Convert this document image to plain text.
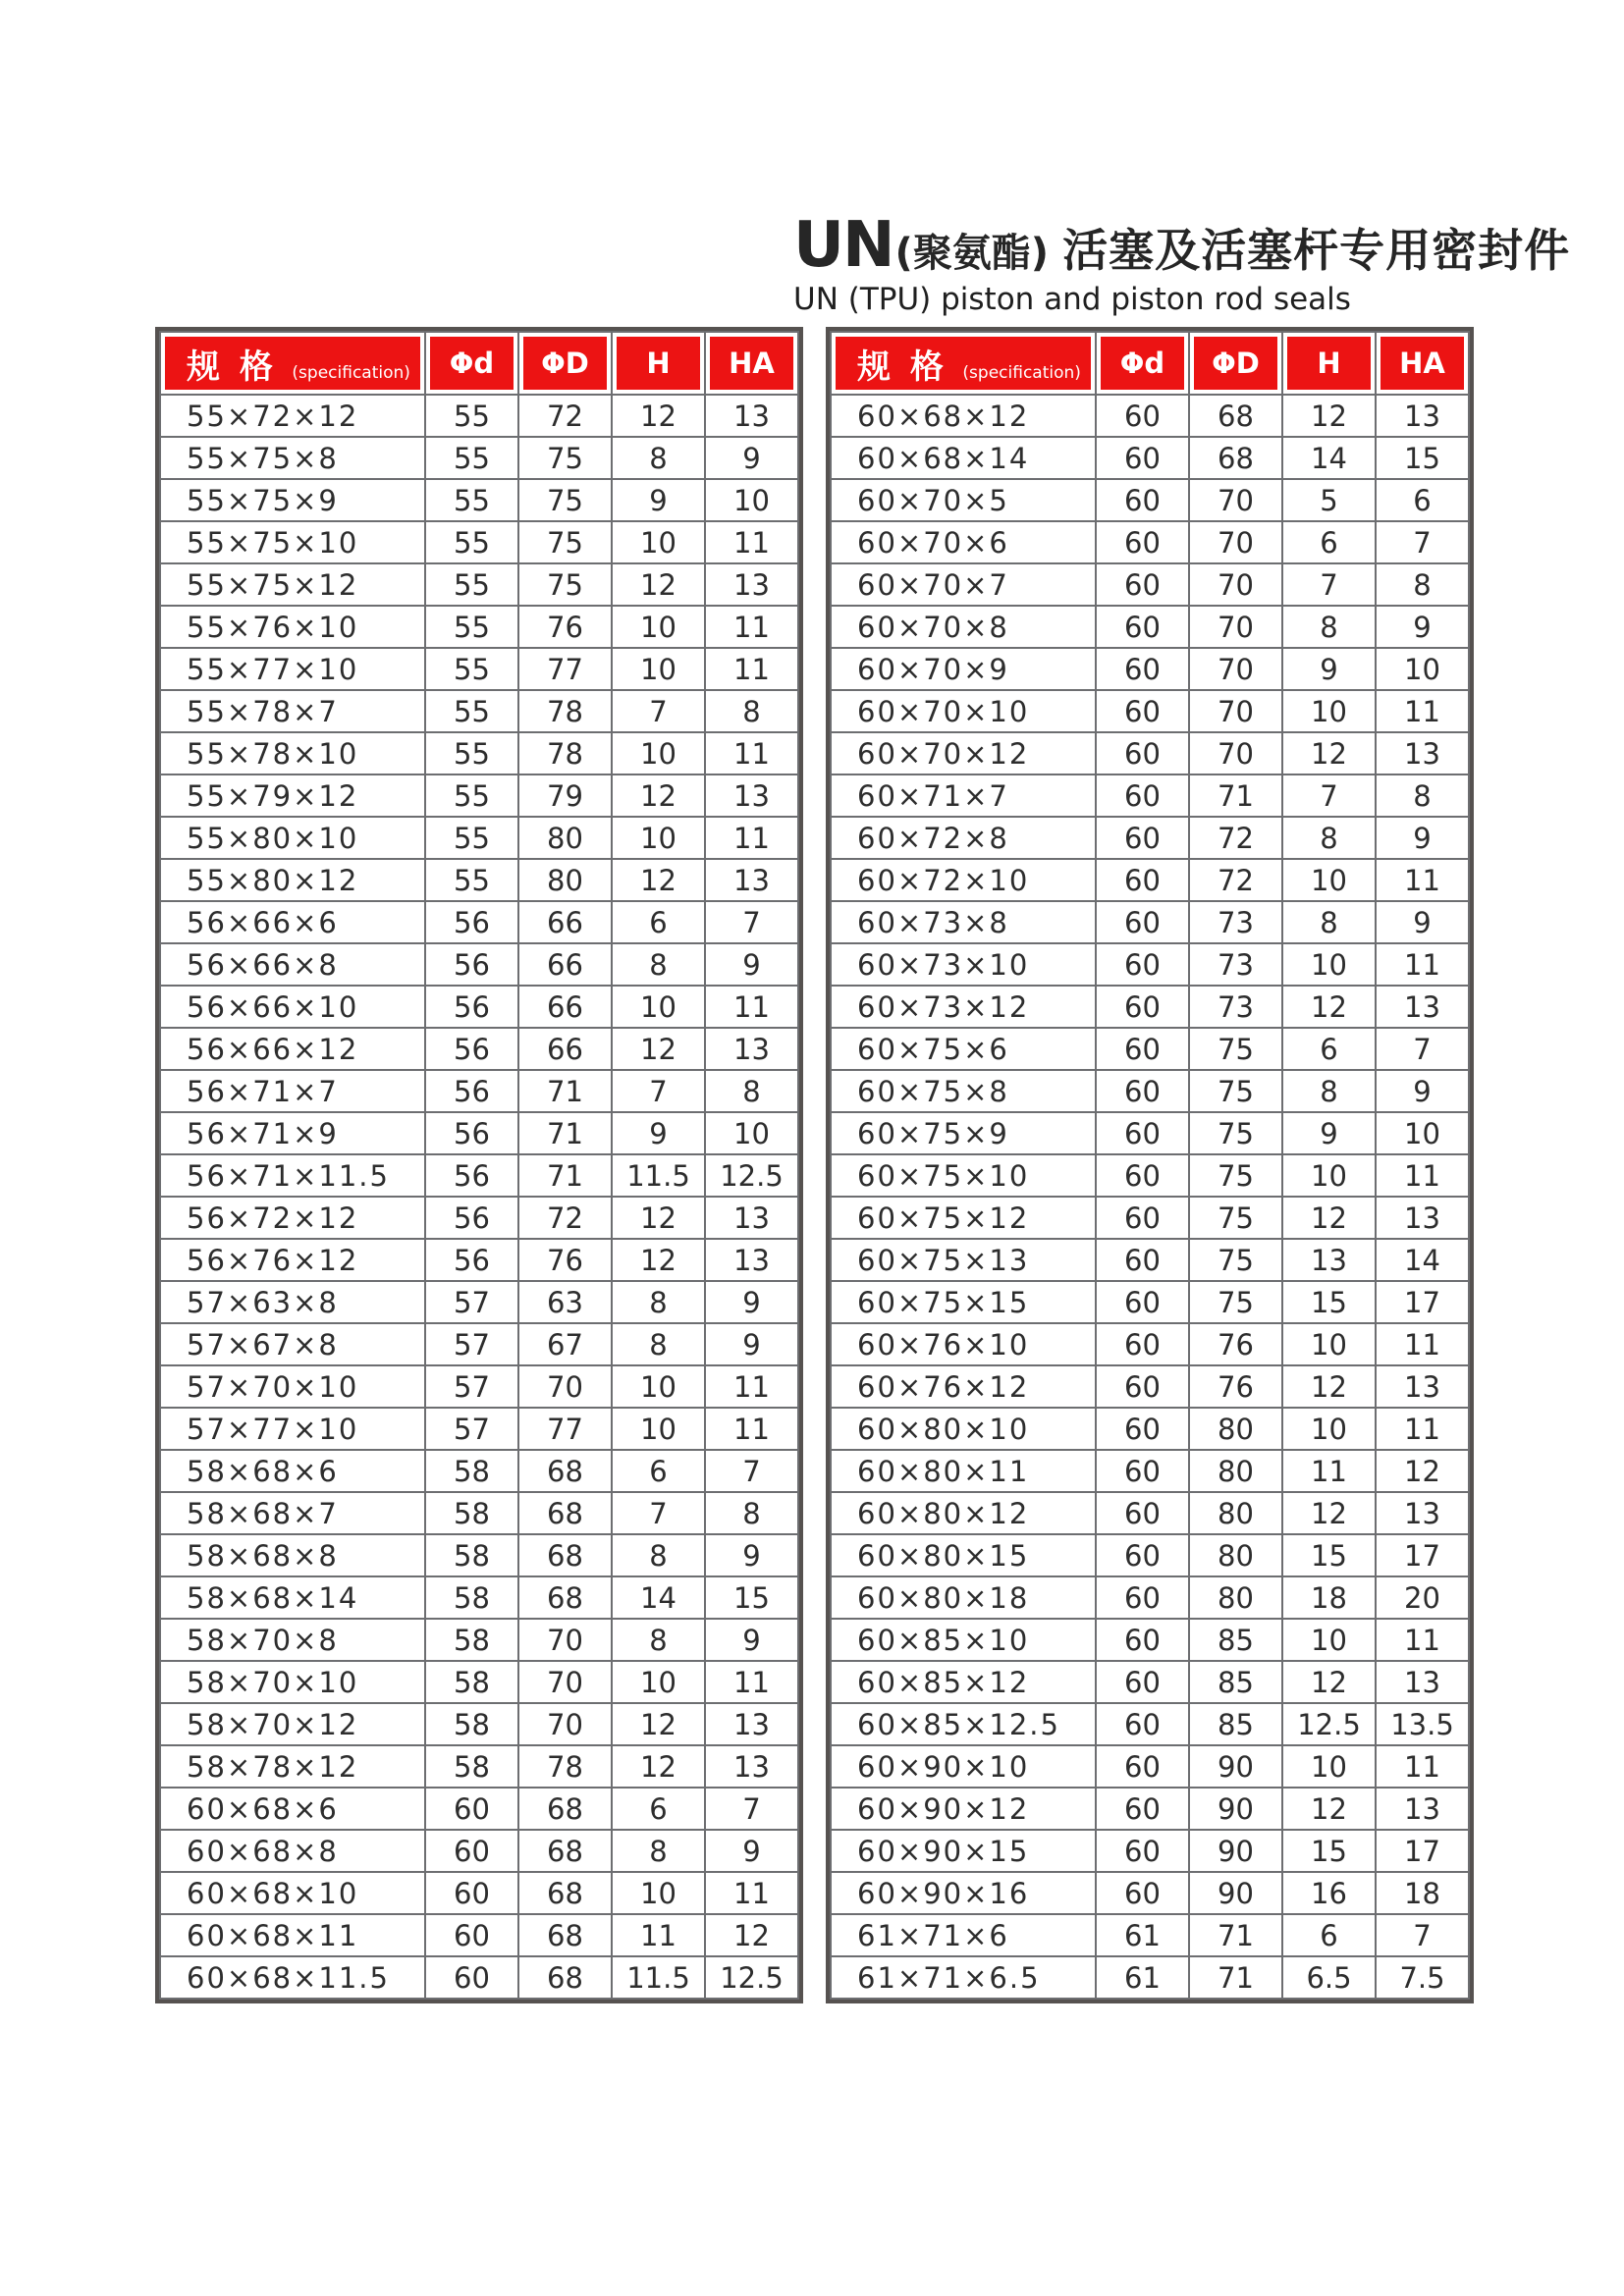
UN (聚氨酯) 活塞及活塞杆专用密封件
UN (TPU) piston and piston rod seals
规 格 (specification)	Φd	ΦD	H	HA
55×72×12	55	72	12	13
55×75×8	55	75	8	9
55×75×9	55	75	9	10
55×75×10	55	75	10	11
55×75×12	55	75	12	13
55×76×10	55	76	10	11
55×77×10	55	77	10	11
55×78×7	55	78	7	8
55×78×10	55	78	10	11
55×79×12	55	79	12	13
55×80×10	55	80	10	11
55×80×12	55	80	12	13
56×66×6	56	66	6	7
56×66×8	56	66	8	9
56×66×10	56	66	10	11
56×66×12	56	66	12	13
56×71×7	56	71	7	8
56×71×9	56	71	9	10
56×71×11.5	56	71	11.5	12.5
56×72×12	56	72	12	13
56×76×12	56	76	12	13
57×63×8	57	63	8	9
57×67×8	57	67	8	9
57×70×10	57	70	10	11
57×77×10	57	77	10	11
58×68×6	58	68	6	7
58×68×7	58	68	7	8
58×68×8	58	68	8	9
58×68×14	58	68	14	15
58×70×8	58	70	8	9
58×70×10	58	70	10	11
58×70×12	58	70	12	13
58×78×12	58	78	12	13
60×68×6	60	68	6	7
60×68×8	60	68	8	9
60×68×10	60	68	10	11
60×68×11	60	68	11	12
60×68×11.5	60	68	11.5	12.5
规 格 (specification)	Φd	ΦD	H	HA
60×68×12	60	68	12	13
60×68×14	60	68	14	15
60×70×5	60	70	5	6
60×70×6	60	70	6	7
60×70×7	60	70	7	8
60×70×8	60	70	8	9
60×70×9	60	70	9	10
60×70×10	60	70	10	11
60×70×12	60	70	12	13
60×71×7	60	71	7	8
60×72×8	60	72	8	9
60×72×10	60	72	10	11
60×73×8	60	73	8	9
60×73×10	60	73	10	11
60×73×12	60	73	12	13
60×75×6	60	75	6	7
60×75×8	60	75	8	9
60×75×9	60	75	9	10
60×75×10	60	75	10	11
60×75×12	60	75	12	13
60×75×13	60	75	13	14
60×75×15	60	75	15	17
60×76×10	60	76	10	11
60×76×12	60	76	12	13
60×80×10	60	80	10	11
60×80×11	60	80	11	12
60×80×12	60	80	12	13
60×80×15	60	80	15	17
60×80×18	60	80	18	20
60×85×10	60	85	10	11
60×85×12	60	85	12	13
60×85×12.5	60	85	12.5	13.5
60×90×10	60	90	10	11
60×90×12	60	90	12	13
60×90×15	60	90	15	17
60×90×16	60	90	16	18
61×71×6	61	71	6	7
61×71×6.5	61	71	6.5	7.5
